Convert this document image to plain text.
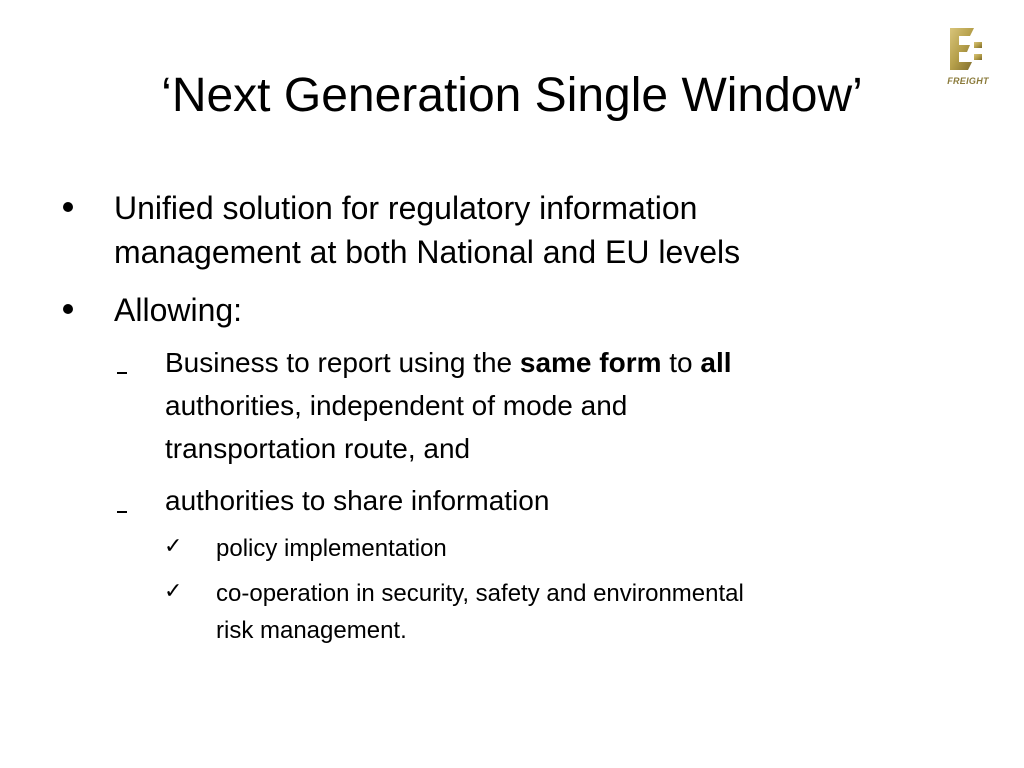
‘Next Generation Single Window’	FREIGHT
Unified solution for regulatory information
management at both National and EU levels
Allowing:
Business to report using the same form to all
authorities, independent of mode and
transportation route, and
authorities to share information
✓ policy implementation
✓ co-operation in security, safety and environmental
risk management.
